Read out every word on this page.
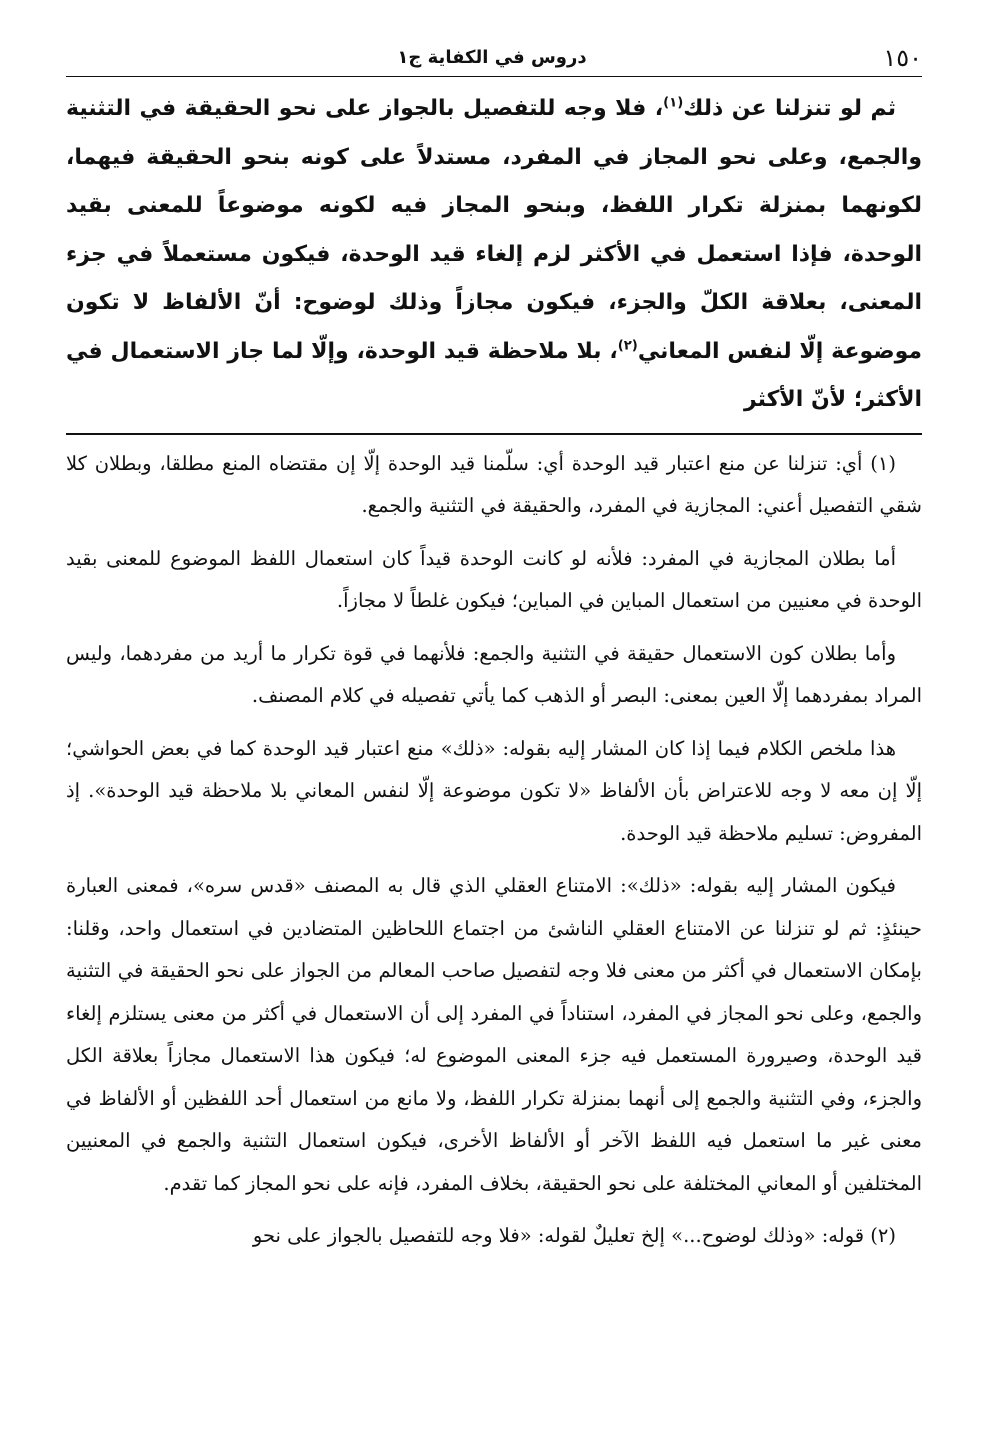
١٥٠
دروس في الكفاية ج١

ثم لو تنزلنا عن ذلك$^{(١)}$، فلا وجه للتفصيل بالجواز على نحو الحقيقة في التثنية والجمع، وعلى نحو المجاز في المفرد، مستدلاً على كونه بنحو الحقيقة فيهما، لكونهما بمنزلة تكرار اللفظ، وبنحو المجاز فيه لكونه موضوعاً للمعنى بقيد الوحدة، فإذا استعمل في الأكثر لزم إلغاء قيد الوحدة، فيكون مستعملاً في جزء المعنى، بعلاقة الكلّ والجزء، فيكون مجازاً وذلك لوضوح: أنّ الألفاظ لا تكون موضوعة إلّا لنفس المعاني$^{(٢)}$، بلا ملاحظة قيد الوحدة، وإلّا لما جاز الاستعمال في الأكثر؛ لأنّ الأكثر

(١) أي: تنزلنا عن منع اعتبار قيد الوحدة أي: سلّمنا قيد الوحدة إلّا إن مقتضاه المنع مطلقا، وبطلان كلا شقي التفصيل أعني: المجازية في المفرد، والحقيقة في التثنية والجمع.

أما بطلان المجازية في المفرد: فلأنه لو كانت الوحدة قيداً كان استعمال اللفظ الموضوع للمعنى بقيد الوحدة في معنيين من استعمال المباين في المباين؛ فيكون غلطاً لا مجازاً.

وأما بطلان كون الاستعمال حقيقة في التثنية والجمع: فلأنهما في قوة تكرار ما أريد من مفردهما، وليس المراد بمفردهما إلّا العين بمعنى: البصر أو الذهب كما يأتي تفصيله في كلام المصنف.

هذا ملخص الكلام فيما إذا كان المشار إليه بقوله: «ذلك» منع اعتبار قيد الوحدة كما في بعض الحواشي؛ إلّا إن معه لا وجه للاعتراض بأن الألفاظ «لا تكون موضوعة إلّا لنفس المعاني بلا ملاحظة قيد الوحدة». إذ المفروض: تسليم ملاحظة قيد الوحدة.

فيكون المشار إليه بقوله: «ذلك»: الامتناع العقلي الذي قال به المصنف «قدس سره»، فمعنى العبارة حينئذٍ: ثم لو تنزلنا عن الامتناع العقلي الناشئ من اجتماع اللحاظين المتضادين في استعمال واحد، وقلنا: بإمكان الاستعمال في أكثر من معنى فلا وجه لتفصيل صاحب المعالم من الجواز على نحو الحقيقة في التثنية والجمع، وعلى نحو المجاز في المفرد، استناداً في المفرد إلى أن الاستعمال في أكثر من معنى يستلزم إلغاء قيد الوحدة، وصيرورة المستعمل فيه جزء المعنى الموضوع له؛ فيكون هذا الاستعمال مجازاً بعلاقة الكل والجزء، وفي التثنية والجمع إلى أنهما بمنزلة تكرار اللفظ، ولا مانع من استعمال أحد اللفظين أو الألفاظ في معنى غير ما استعمل فيه اللفظ الآخر أو الألفاظ الأخرى، فيكون استعمال التثنية والجمع في المعنيين المختلفين أو المعاني المختلفة على نحو الحقيقة، بخلاف المفرد، فإنه على نحو المجاز كما تقدم.

(٢) قوله: «وذلك لوضوح...» إلخ تعليلٌ لقوله: «فلا وجه للتفصيل بالجواز على نحو
